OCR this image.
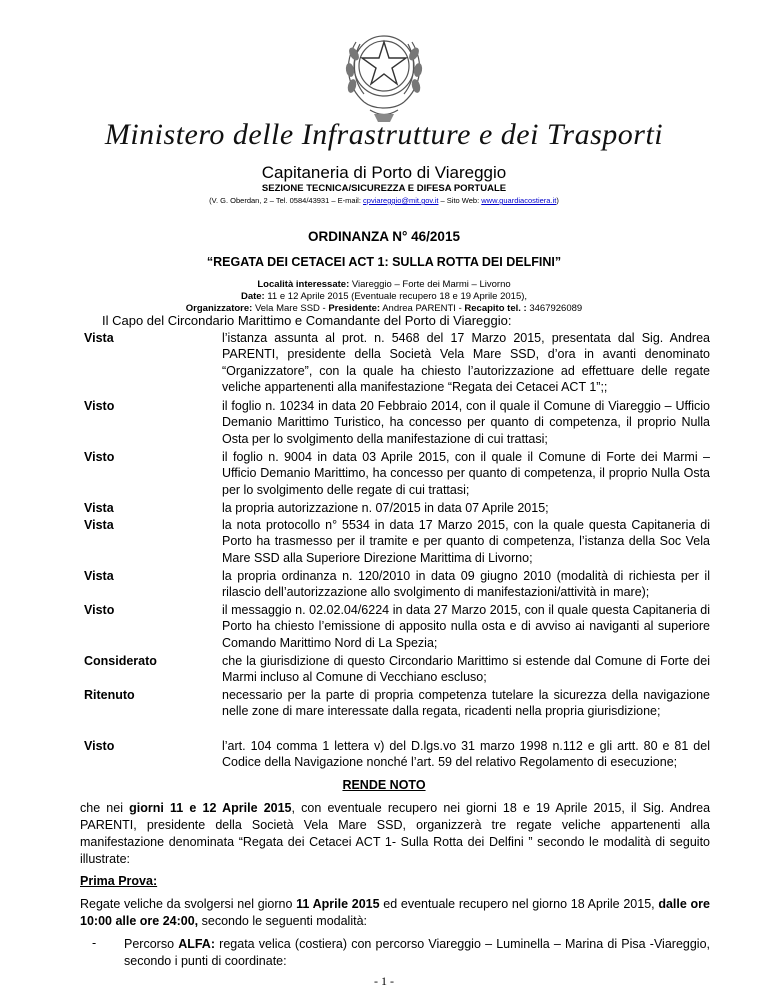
Ministero delle Infrastrutture e dei Trasporti
Capitaneria di Porto di Viareggio
SEZIONE TECNICA/SICUREZZA E DIFESA PORTUALE
(V. G. Oberdan, 2 – Tel. 0584/43931 – E-mail: cpviareggio@mit.gov.it – Sito Web: www.guardiacostiera.it)
ORDINANZA N° 46/2015
“REGATA DEI CETACEI ACT 1: SULLA ROTTA DEI DELFINI”
Località interessate: Viareggio – Forte dei Marmi – Livorno
Date: 11 e 12 Aprile 2015 (Eventuale recupero 18 e 19 Aprile 2015),
Organizzatore: Vela Mare SSD - Presidente: Andrea PARENTI - Recapito tel. : 3467926089
Il Capo del Circondario Marittimo e Comandante del Porto di Viareggio:
Vista	l’istanza assunta al prot. n. 5468 del 17 Marzo 2015, presentata dal Sig. Andrea PARENTI, presidente della Società Vela Mare SSD, d’ora in avanti denominato “Organizzatore”, con la quale ha chiesto l’autorizzazione ad effettuare delle regate veliche appartenenti alla manifestazione “Regata dei Cetacei ACT 1”;;
Visto	il foglio n. 10234 in data 20 Febbraio 2014, con il quale il Comune di Viareggio – Ufficio Demanio Marittimo Turistico, ha concesso per quanto di competenza, il proprio Nulla Osta per lo svolgimento della manifestazione di cui trattasi;
Visto	il foglio n. 9004 in data 03 Aprile 2015, con il quale il Comune di Forte dei Marmi – Ufficio Demanio Marittimo, ha concesso per quanto di competenza, il proprio Nulla Osta per lo svolgimento delle regate di cui trattasi;
Vista	la propria autorizzazione n. 07/2015 in data 07 Aprile 2015;
Vista	la nota protocollo n° 5534 in data 17 Marzo 2015, con la quale questa Capitaneria di Porto ha trasmesso per il tramite e per quanto di competenza, l’istanza della Soc Vela Mare SSD alla Superiore Direzione Marittima di Livorno;
Vista	la propria ordinanza n. 120/2010 in data 09 giugno 2010 (modalità di richiesta per il rilascio dell’autorizzazione allo svolgimento di manifestazioni/attività in mare);
Visto	il messaggio n. 02.02.04/6224 in data 27 Marzo 2015, con il quale questa Capitaneria di Porto ha chiesto l’emissione di apposito nulla osta e di avviso ai naviganti al superiore Comando Marittimo Nord di La Spezia;
Considerato	che la giurisdizione di questo Circondario Marittimo si estende dal Comune di Forte dei Marmi incluso al Comune di Vecchiano escluso;
Ritenuto	necessario per la parte di propria competenza tutelare la sicurezza della navigazione nelle zone di mare interessate dalla regata, ricadenti nella propria giurisdizione;
Visto	l’art. 104 comma 1 lettera v) del D.lgs.vo 31 marzo 1998 n.112 e gli artt. 80 e 81 del Codice della Navigazione nonché l’art. 59 del relativo Regolamento di esecuzione;
RENDE NOTO
che nei giorni 11 e 12 Aprile 2015, con eventuale recupero nei giorni 18 e 19 Aprile 2015, il Sig. Andrea PARENTI, presidente della Società Vela Mare SSD, organizzerà tre regate veliche appartenenti alla manifestazione denominata “Regata dei Cetacei ACT 1- Sulla Rotta dei Delfini ” secondo le modalità di seguito illustrate:
Prima Prova:
Regate veliche da svolgersi nel giorno 11 Aprile 2015 ed eventuale recupero nel giorno 18 Aprile 2015, dalle ore 10:00 alle ore 24:00, secondo le seguenti modalità:
- Percorso ALFA: regata velica (costiera) con percorso Viareggio – Luminella – Marina di Pisa -Viareggio, secondo i punti di coordinate:
- 1 -
